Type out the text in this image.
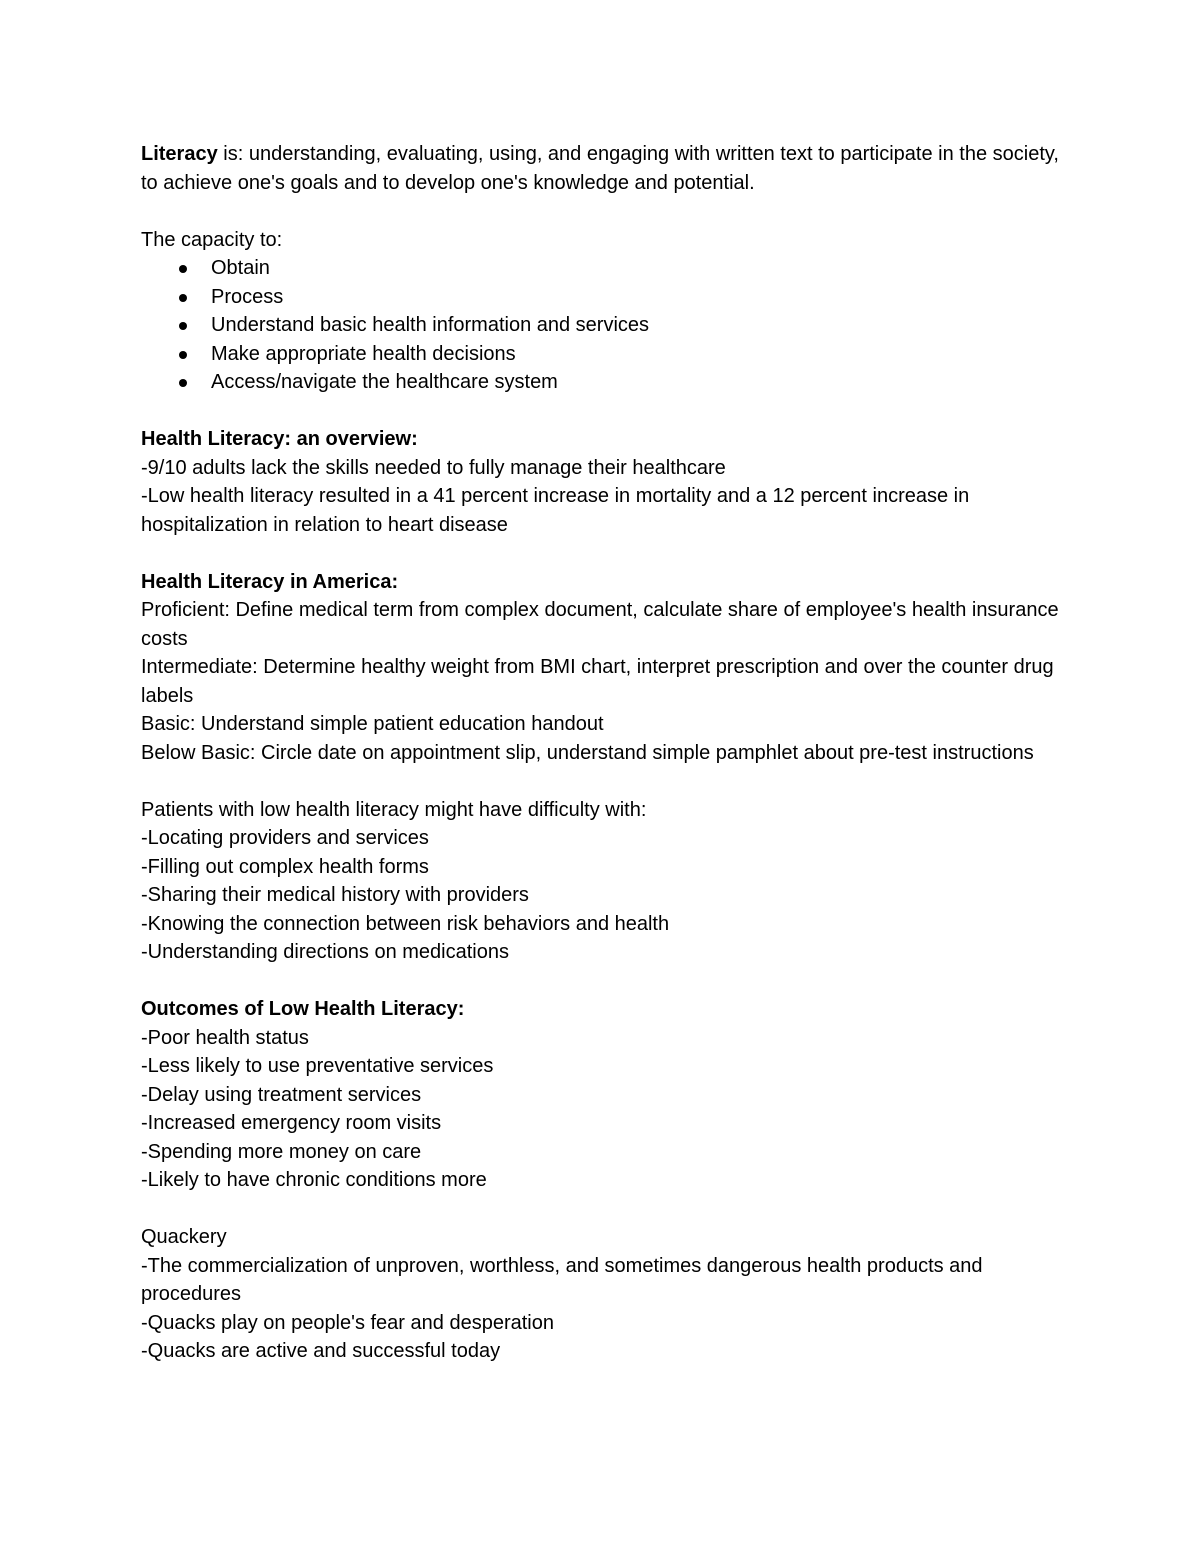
Literacy is: understanding, evaluating, using, and engaging with written text to participate in the society, to achieve one's goals and to develop one's knowledge and potential.

The capacity to:

Obtain
Process
Understand basic health information and services
Make appropriate health decisions
Access/navigate the healthcare system

Health Literacy: an overview:

-9/10 adults lack the skills needed to fully manage their healthcare

-Low health literacy resulted in a 41 percent increase in mortality and a 12 percent increase in hospitalization in relation to heart disease

Health Literacy in America:

Proficient: Define medical term from complex document, calculate share of employee's health insurance costs

Intermediate: Determine healthy weight from BMI chart, interpret prescription and over the counter drug labels

Basic: Understand simple patient education handout

Below Basic: Circle date on appointment slip, understand simple pamphlet about pre-test instructions

Patients with low health literacy might have difficulty with:

-Locating providers and services

-Filling out complex health forms

-Sharing their medical history with providers

-Knowing the connection between risk behaviors and health

-Understanding directions on medications

Outcomes of Low Health Literacy:

-Poor health status

-Less likely to use preventative services

-Delay using treatment services

-Increased emergency room visits

-Spending more money on care

-Likely to have chronic conditions more

Quackery

-The commercialization of unproven, worthless, and sometimes dangerous health products and procedures

-Quacks play on people's fear and desperation

-Quacks are active and successful today
